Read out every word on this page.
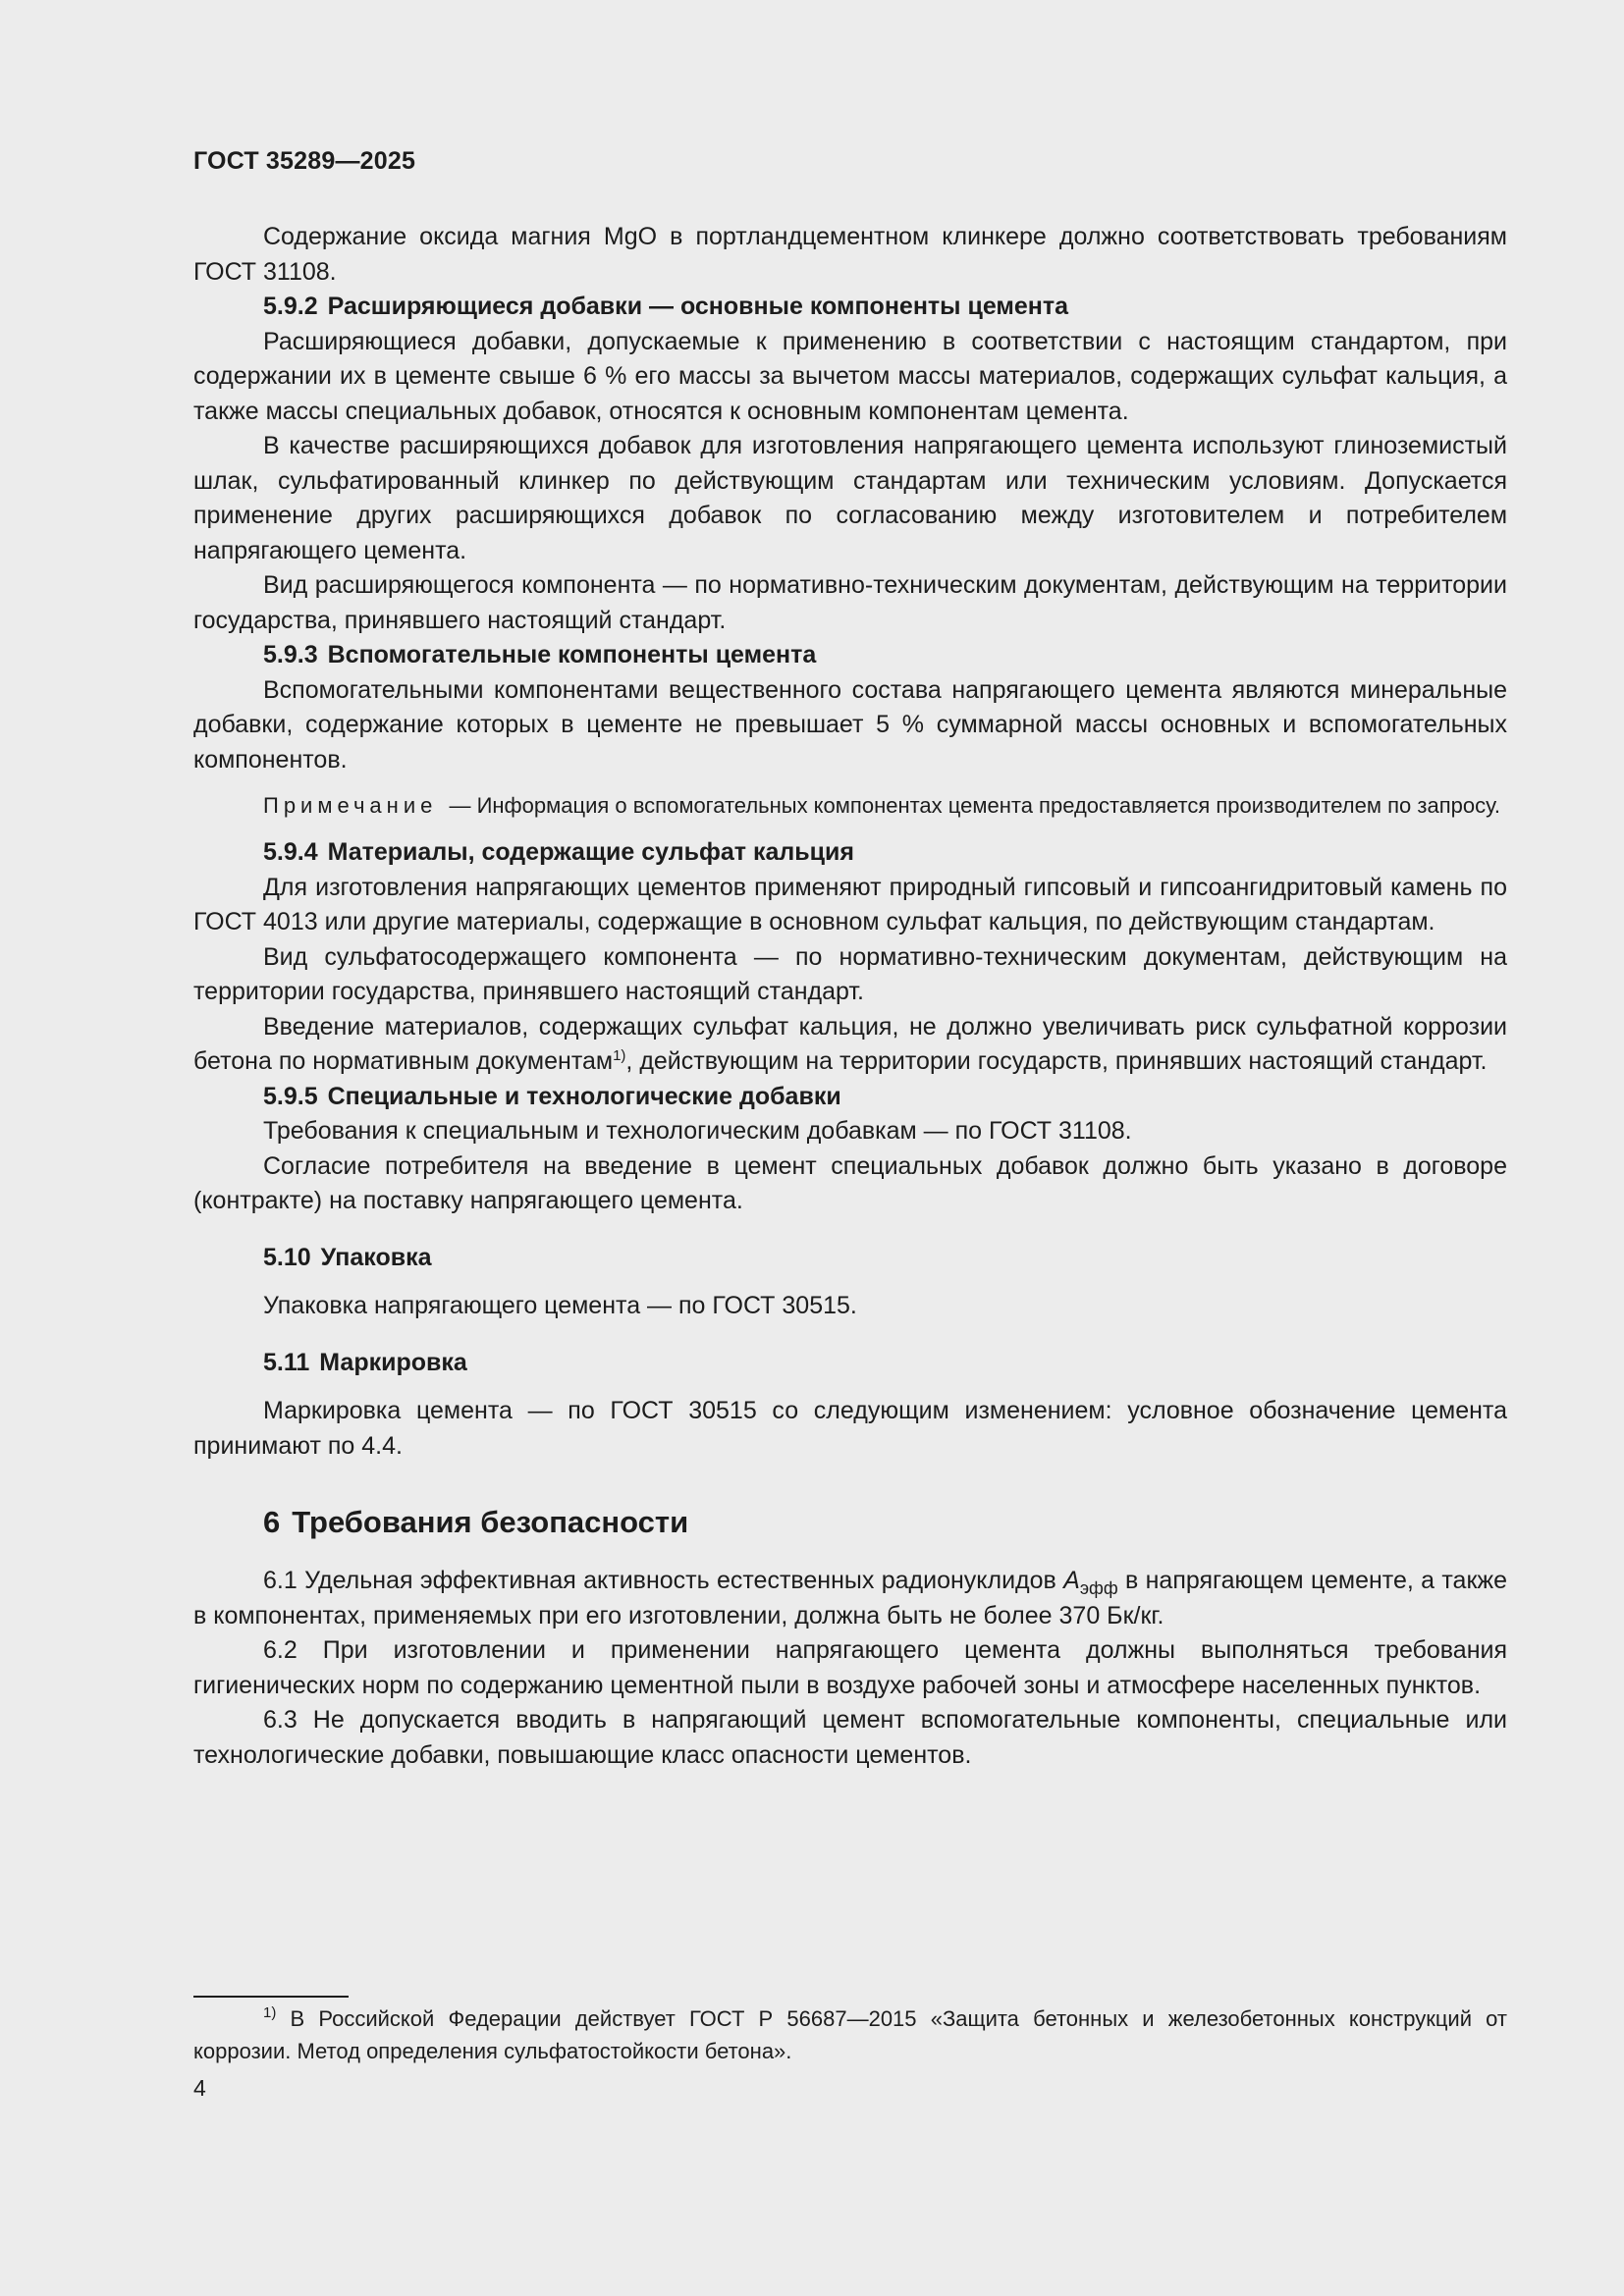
ГОСТ 35289—2025

Содержание оксида магния MgO в портландцементном клинкере должно соответствовать требованиям ГОСТ 31108.

5.9.2 Расширяющиеся добавки — основные компоненты цемента

Расширяющиеся добавки, допускаемые к применению в соответствии с настоящим стандартом, при содержании их в цементе свыше 6 % его массы за вычетом массы материалов, содержащих сульфат кальция, а также массы специальных добавок, относятся к основным компонентам цемента.

В качестве расширяющихся добавок для изготовления напрягающего цемента используют глиноземистый шлак, сульфатированный клинкер по действующим стандартам или техническим условиям. Допускается применение других расширяющихся добавок по согласованию между изготовителем и потребителем напрягающего цемента.

Вид расширяющегося компонента — по нормативно-техническим документам, действующим на территории государства, принявшего настоящий стандарт.

5.9.3 Вспомогательные компоненты цемента

Вспомогательными компонентами вещественного состава напрягающего цемента являются минеральные добавки, содержание которых в цементе не превышает 5 % суммарной массы основных и вспомогательных компонентов.

Примечание — Информация о вспомогательных компонентах цемента предоставляется производителем по запросу.

5.9.4 Материалы, содержащие сульфат кальция

Для изготовления напрягающих цементов применяют природный гипсовый и гипсоангидритовый камень по ГОСТ 4013 или другие материалы, содержащие в основном сульфат кальция, по действующим стандартам.

Вид сульфатосодержащего компонента — по нормативно-техническим документам, действующим на территории государства, принявшего настоящий стандарт.

Введение материалов, содержащих сульфат кальция, не должно увеличивать риск сульфатной коррозии бетона по нормативным документам$^{1)}$, действующим на территории государств, принявших настоящий стандарт.

5.9.5 Специальные и технологические добавки

Требования к специальным и технологическим добавкам — по ГОСТ 31108.

Согласие потребителя на введение в цемент специальных добавок должно быть указано в договоре (контракте) на поставку напрягающего цемента.

5.10 Упаковка

Упаковка напрягающего цемента — по ГОСТ 30515.

5.11 Маркировка

Маркировка цемента — по ГОСТ 30515 со следующим изменением: условное обозначение цемента принимают по 4.4.

6 Требования безопасности

6.1 Удельная эффективная активность естественных радионуклидов $A_{эфф}$ в напрягающем цементе, а также в компонентах, применяемых при его изготовлении, должна быть не более 370 Бк/кг.

6.2 При изготовлении и применении напрягающего цемента должны выполняться требования гигиенических норм по содержанию цементной пыли в воздухе рабочей зоны и атмосфере населенных пунктов.

6.3 Не допускается вводить в напрягающий цемент вспомогательные компоненты, специальные или технологические добавки, повышающие класс опасности цементов.

$^{1)}$ В Российской Федерации действует ГОСТ Р 56687—2015 «Защита бетонных и железобетонных конструкций от коррозии. Метод определения сульфатостойкости бетона».
4
